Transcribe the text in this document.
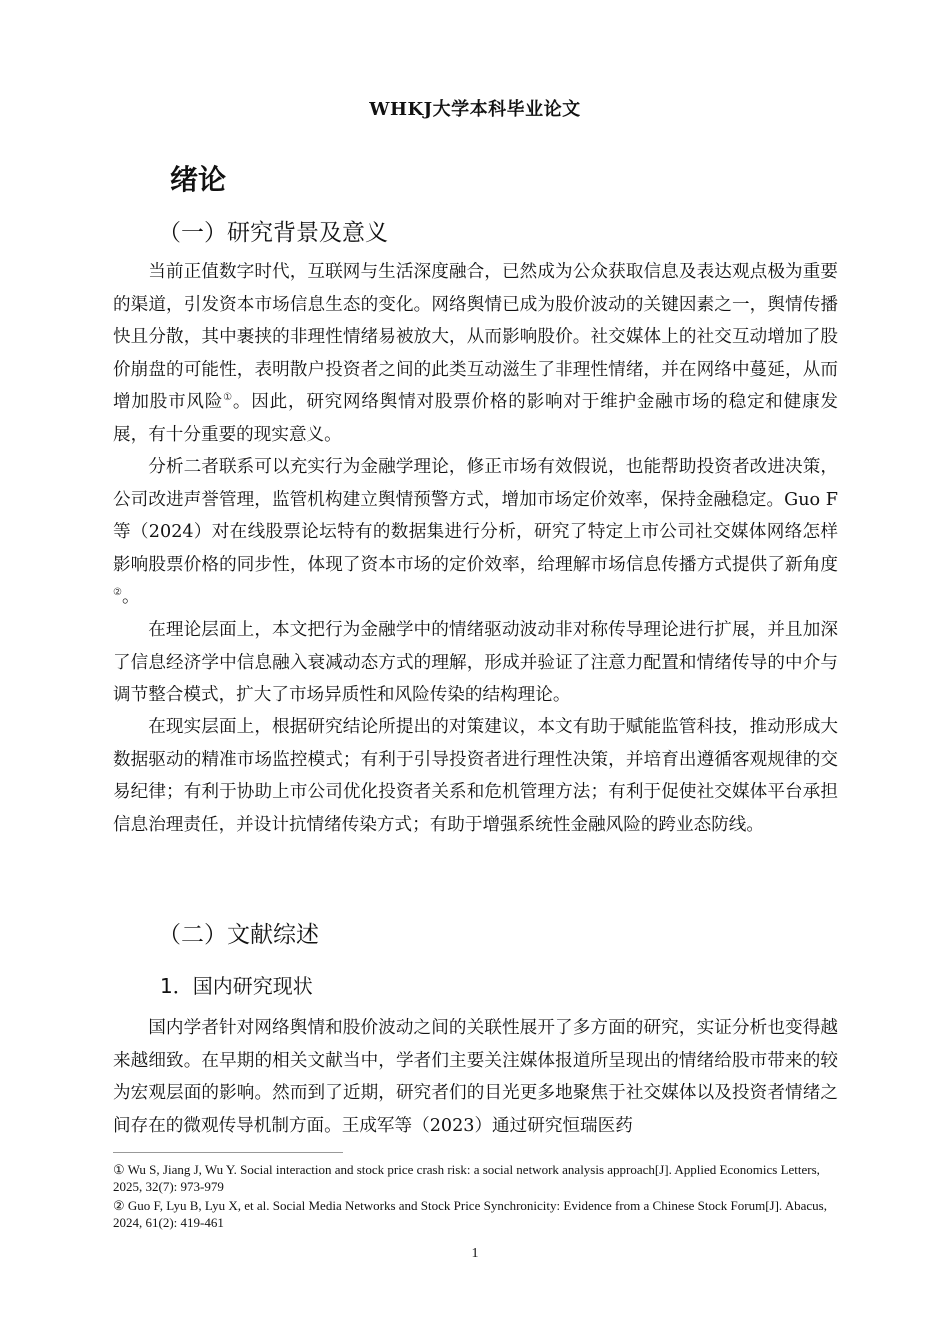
WHKJ大学本科毕业论文
绪论
（一）研究背景及意义

当前正值数字时代，互联网与生活深度融合，已然成为公众获取信息及表达观点极为重要的渠道，引发资本市场信息生态的变化。网络舆情已成为股价波动的关键因素之一，舆情传播快且分散，其中裹挟的非理性情绪易被放大，从而影响股价。社交媒体上的社交互动增加了股价崩盘的可能性，表明散户投资者之间的此类互动滋生了非理性情绪，并在网络中蔓延，从而增加股市风险①。因此，研究网络舆情对股票价格的影响对于维护金融市场的稳定和健康发展，有十分重要的现实意义。

分析二者联系可以充实行为金融学理论，修正市场有效假说，也能帮助投资者改进决策，公司改进声誉管理，监管机构建立舆情预警方式，增加市场定价效率，保持金融稳定。Guo F 等（2024）对在线股票论坛特有的数据集进行分析，研究了特定上市公司社交媒体网络怎样影响股票价格的同步性，体现了资本市场的定价效率，给理解市场信息传播方式提供了新角度②。

在理论层面上，本文把行为金融学中的情绪驱动波动非对称传导理论进行扩展，并且加深了信息经济学中信息融入衰减动态方式的理解，形成并验证了注意力配置和情绪传导的中介与调节整合模式，扩大了市场异质性和风险传染的结构理论。

在现实层面上，根据研究结论所提出的对策建议，本文有助于赋能监管科技，推动形成大数据驱动的精准市场监控模式；有利于引导投资者进行理性决策，并培育出遵循客观规律的交易纪律；有利于协助上市公司优化投资者关系和危机管理方法；有利于促使社交媒体平台承担信息治理责任，并设计抗情绪传染方式；有助于增强系统性金融风险的跨业态防线。

（二）文献综述
1．国内研究现状

国内学者针对网络舆情和股价波动之间的关联性展开了多方面的研究，实证分析也变得越来越细致。在早期的相关文献当中，学者们主要关注媒体报道所呈现出的情绪给股市带来的较为宏观层面的影响。然而到了近期，研究者们的目光更多地聚焦于社交媒体以及投资者情绪之间存在的微观传导机制方面。王成军等（2023）通过研究恒瑞医药

① Wu S, Jiang J, Wu Y. Social interaction and stock price crash risk: a social network analysis approach[J]. Applied Economics Letters, 2025, 32(7): 973-979
② Guo F, Lyu B, Lyu X, et al. Social Media Networks and Stock Price Synchronicity: Evidence from a Chinese Stock Forum[J]. Abacus, 2024, 61(2): 419-461
1
